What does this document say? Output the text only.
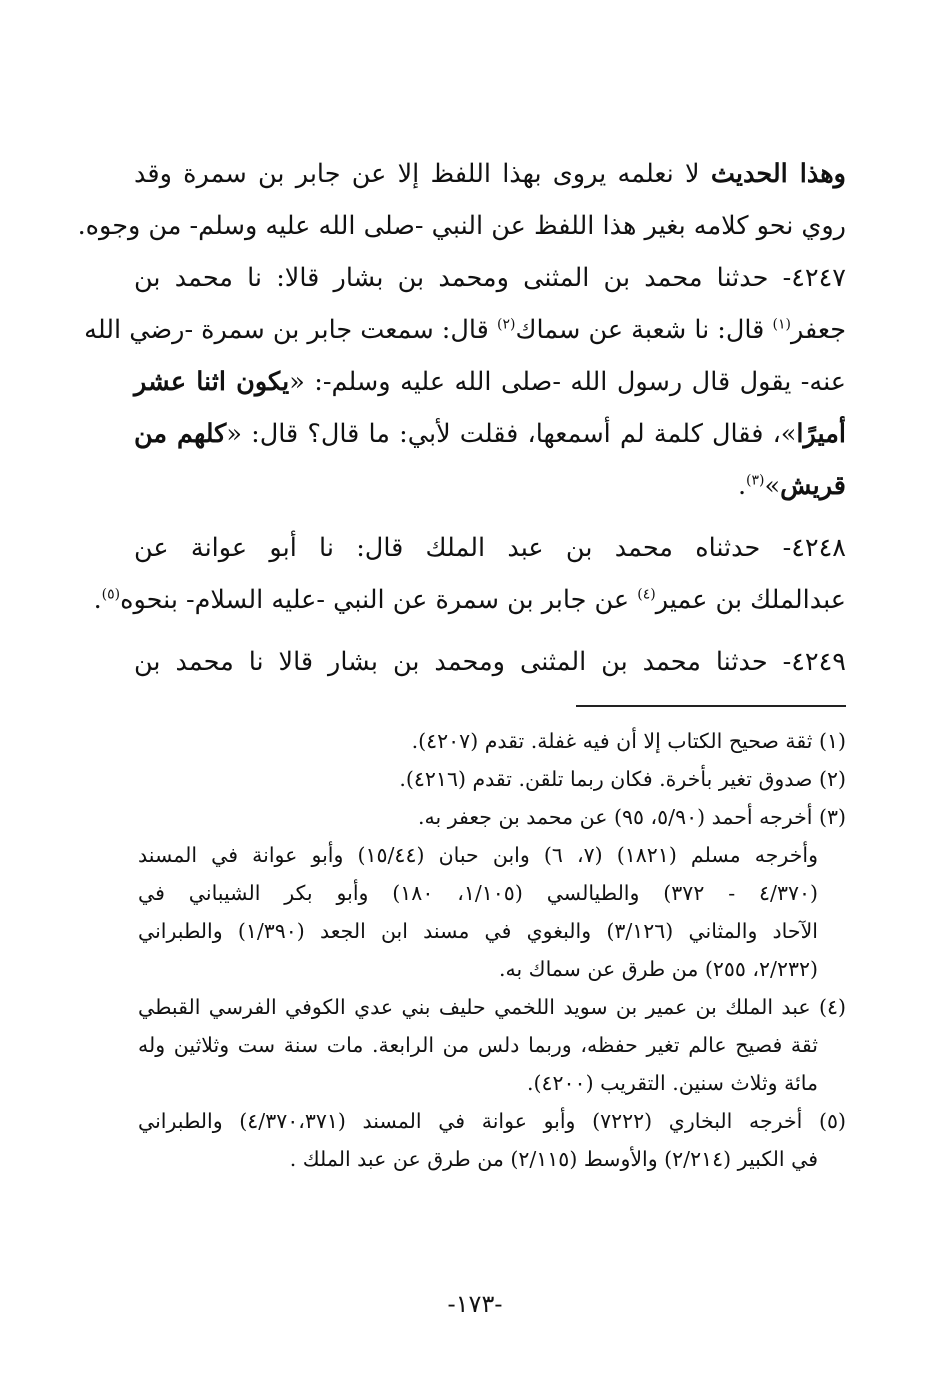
وهذا الحديث لا نعلمه يروى بهذا اللفظ إلا عن جابر بن سمرة وقد
روي نحو كلامه بغير هذا اللفظ عن النبي -صلى الله عليه وسلم- من وجوه.
٤٢٤٧- حدثنا محمد بن المثنى ومحمد بن بشار قالا: نا محمد بن
جعفر$^{(١)}$ قال: نا شعبة عن سماك$^{(٢)}$ قال: سمعت جابر بن سمرة -رضي الله
عنه- يقول قال رسول الله -صلى الله عليه وسلم-: «يكون اثنا عشر
أميرًا»، فقال كلمة لم أسمعها، فقلت لأبي: ما قال؟ قال: «كلهم من
قريش»$^{(٣)}$.
٤٢٤٨- حدثناه محمد بن عبد الملك قال: نا أبو عوانة عن
عبدالملك بن عمير$^{(٤)}$ عن جابر بن سمرة عن النبي -عليه السلام- بنحوه$^{(٥)}$.
٤٢٤٩- حدثنا محمد بن المثنى ومحمد بن بشار قالا نا محمد بن
(١) ثقة صحيح الكتاب إلا أن فيه غفلة. تقدم (٤٢٠٧).
(٢) صدوق تغير بأخرة. فكان ربما تلقن. تقدم (٤٢١٦).
(٣) أخرجه أحمد (٥/٩٠، ٩٥) عن محمد بن جعفر به.
وأخرجه مسلم (١٨٢١) (٧، ٦) وابن حبان (١٥/٤٤) وأبو عوانة في المسند
(٤/٣٧٠ - ٣٧٢) والطيالسي (١/١٠٥، ١٨٠) وأبو بكر الشيباني في
الآحاد والمثاني (٣/١٢٦) والبغوي في مسند ابن الجعد (١/٣٩٠) والطبراني
(٢/٢٣٢، ٢٥٥) من طرق عن سماك به.
(٤) عبد الملك بن عمير بن سويد اللخمي حليف بني عدي الكوفي الفرسي القبطي
ثقة فصيح عالم تغير حفظه، وربما دلس من الرابعة. مات سنة ست وثلاثين وله
مائة وثلاث سنين. التقريب (٤٢٠٠).
(٥) أخرجه البخاري (٧٢٢٢) وأبو عوانة في المسند (٤/٣٧٠،٣٧١) والطبراني
في الكبير (٢/٢١٤) والأوسط (٢/١١٥) من طرق عن عبد الملك .
-١٧٣-
